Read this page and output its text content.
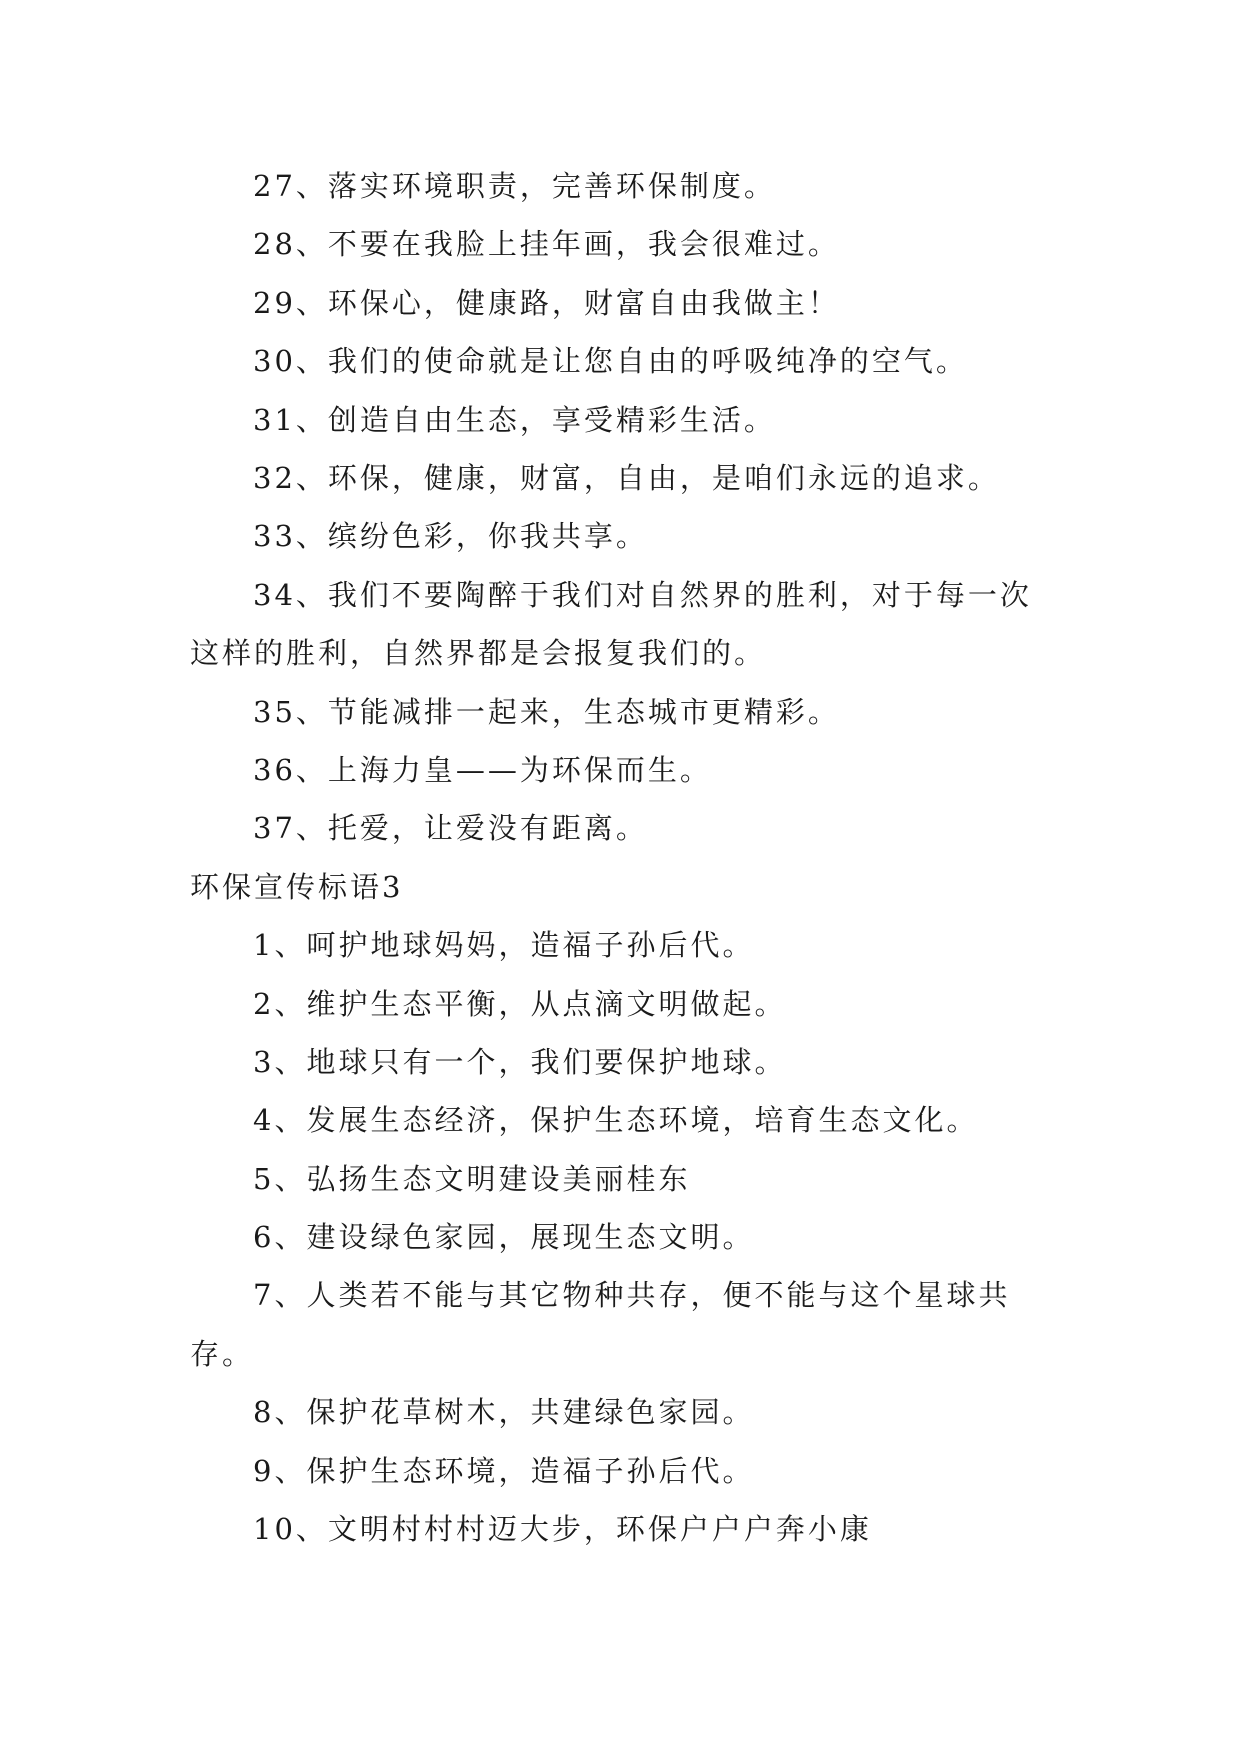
27、落实环境职责，完善环保制度。
28、不要在我脸上挂年画，我会很难过。
29、环保心，健康路，财富自由我做主！
30、我们的使命就是让您自由的呼吸纯净的空气。
31、创造自由生态，享受精彩生活。
32、环保，健康，财富，自由，是咱们永远的追求。
33、缤纷色彩，你我共享。
34、我们不要陶醉于我们对自然界的胜利，对于每一次这样的胜利，自然界都是会报复我们的。
35、节能减排一起来，生态城市更精彩。
36、上海力皇——为环保而生。
37、托爱，让爱没有距离。
环保宣传标语3
1、呵护地球妈妈，造福子孙后代。
2、维护生态平衡，从点滴文明做起。
3、地球只有一个，我们要保护地球。
4、发展生态经济，保护生态环境，培育生态文化。
5、弘扬生态文明建设美丽桂东
6、建设绿色家园，展现生态文明。
7、人类若不能与其它物种共存，便不能与这个星球共存。
8、保护花草树木，共建绿色家园。
9、保护生态环境，造福子孙后代。
10、文明村村村迈大步，环保户户户奔小康
